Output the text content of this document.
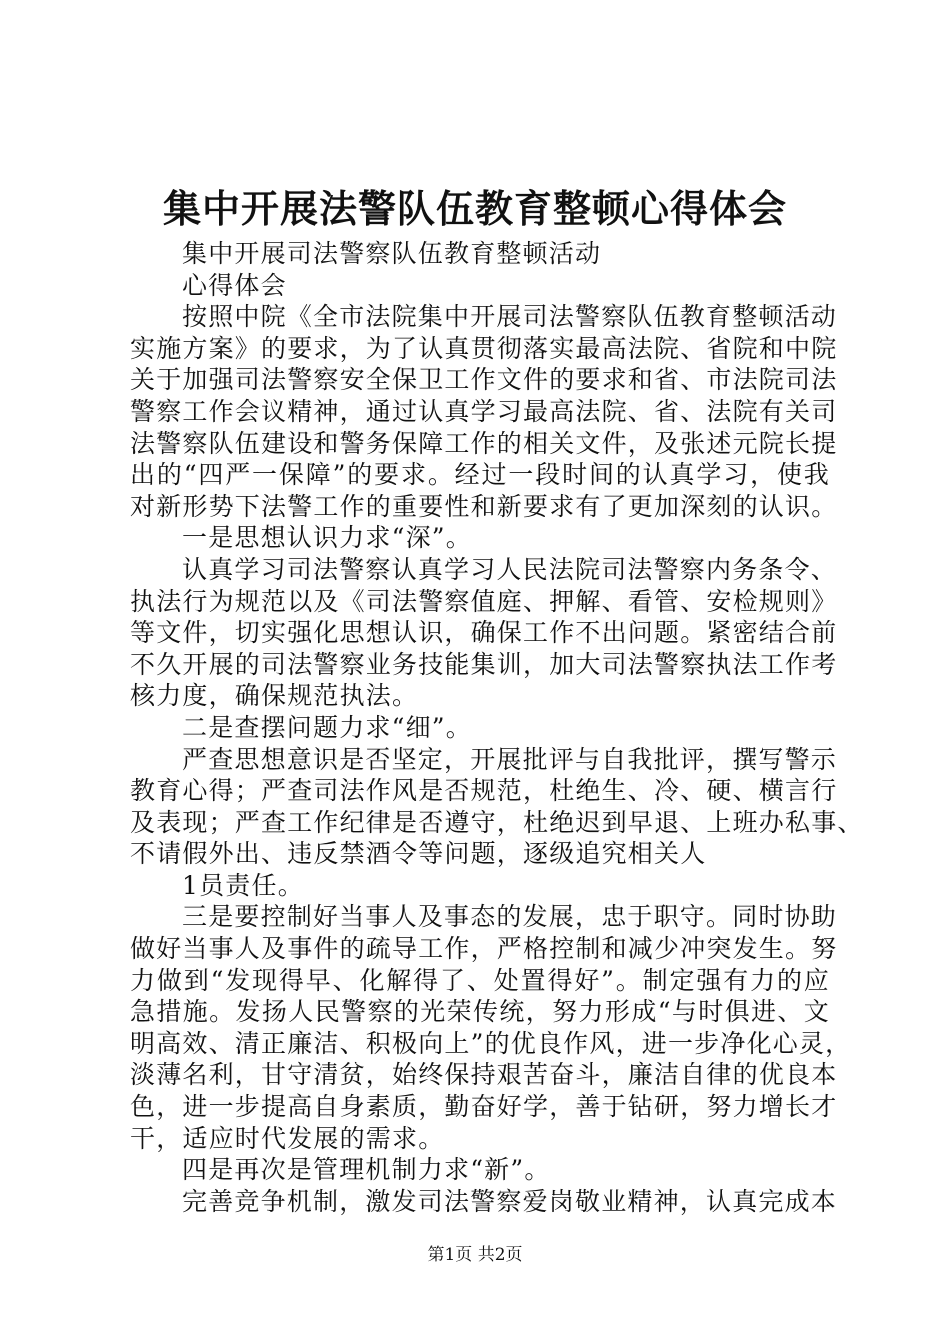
集中开展法警队伍教育整顿心得体会
集中开展司法警察队伍教育整顿活动
心得体会
按照中院《全市法院集中开展司法警察队伍教育整顿活动
实施方案》的要求，为了认真贯彻落实最高法院、省院和中院
关于加强司法警察安全保卫工作文件的要求和省、市法院司法
警察工作会议精神，通过认真学习最高法院、省、法院有关司
法警察队伍建设和警务保障工作的相关文件，及张述元院长提
出的“四严一保障”的要求。经过一段时间的认真学习，使我
对新形势下法警工作的重要性和新要求有了更加深刻的认识。
一是思想认识力求“深”。
认真学习司法警察认真学习人民法院司法警察内务条令、
执法行为规范以及《司法警察值庭、押解、看管、安检规则》
等文件，切实强化思想认识，确保工作不出问题。紧密结合前
不久开展的司法警察业务技能集训，加大司法警察执法工作考
核力度，确保规范执法。
二是查摆问题力求“细”。
严查思想意识是否坚定，开展批评与自我批评，撰写警示
教育心得；严查司法作风是否规范，杜绝生、冷、硬、横言行
及表现；严查工作纪律是否遵守，杜绝迟到早退、上班办私事、
不请假外出、违反禁酒令等问题，逐级追究相关人
1员责任。
三是要控制好当事人及事态的发展，忠于职守。同时协助
做好当事人及事件的疏导工作，严格控制和减少冲突发生。努
力做到“发现得早、化解得了、处置得好”。制定强有力的应
急措施。发扬人民警察的光荣传统，努力形成“与时俱进、文
明高效、清正廉洁、积极向上”的优良作风，进一步净化心灵，
淡薄名利，甘守清贫，始终保持艰苦奋斗，廉洁自律的优良本
色，进一步提高自身素质，勤奋好学，善于钻研，努力增长才
干，适应时代发展的需求。
四是再次是管理机制力求“新”。
完善竞争机制，激发司法警察爱岗敬业精神，认真完成本
第1页 共2页
